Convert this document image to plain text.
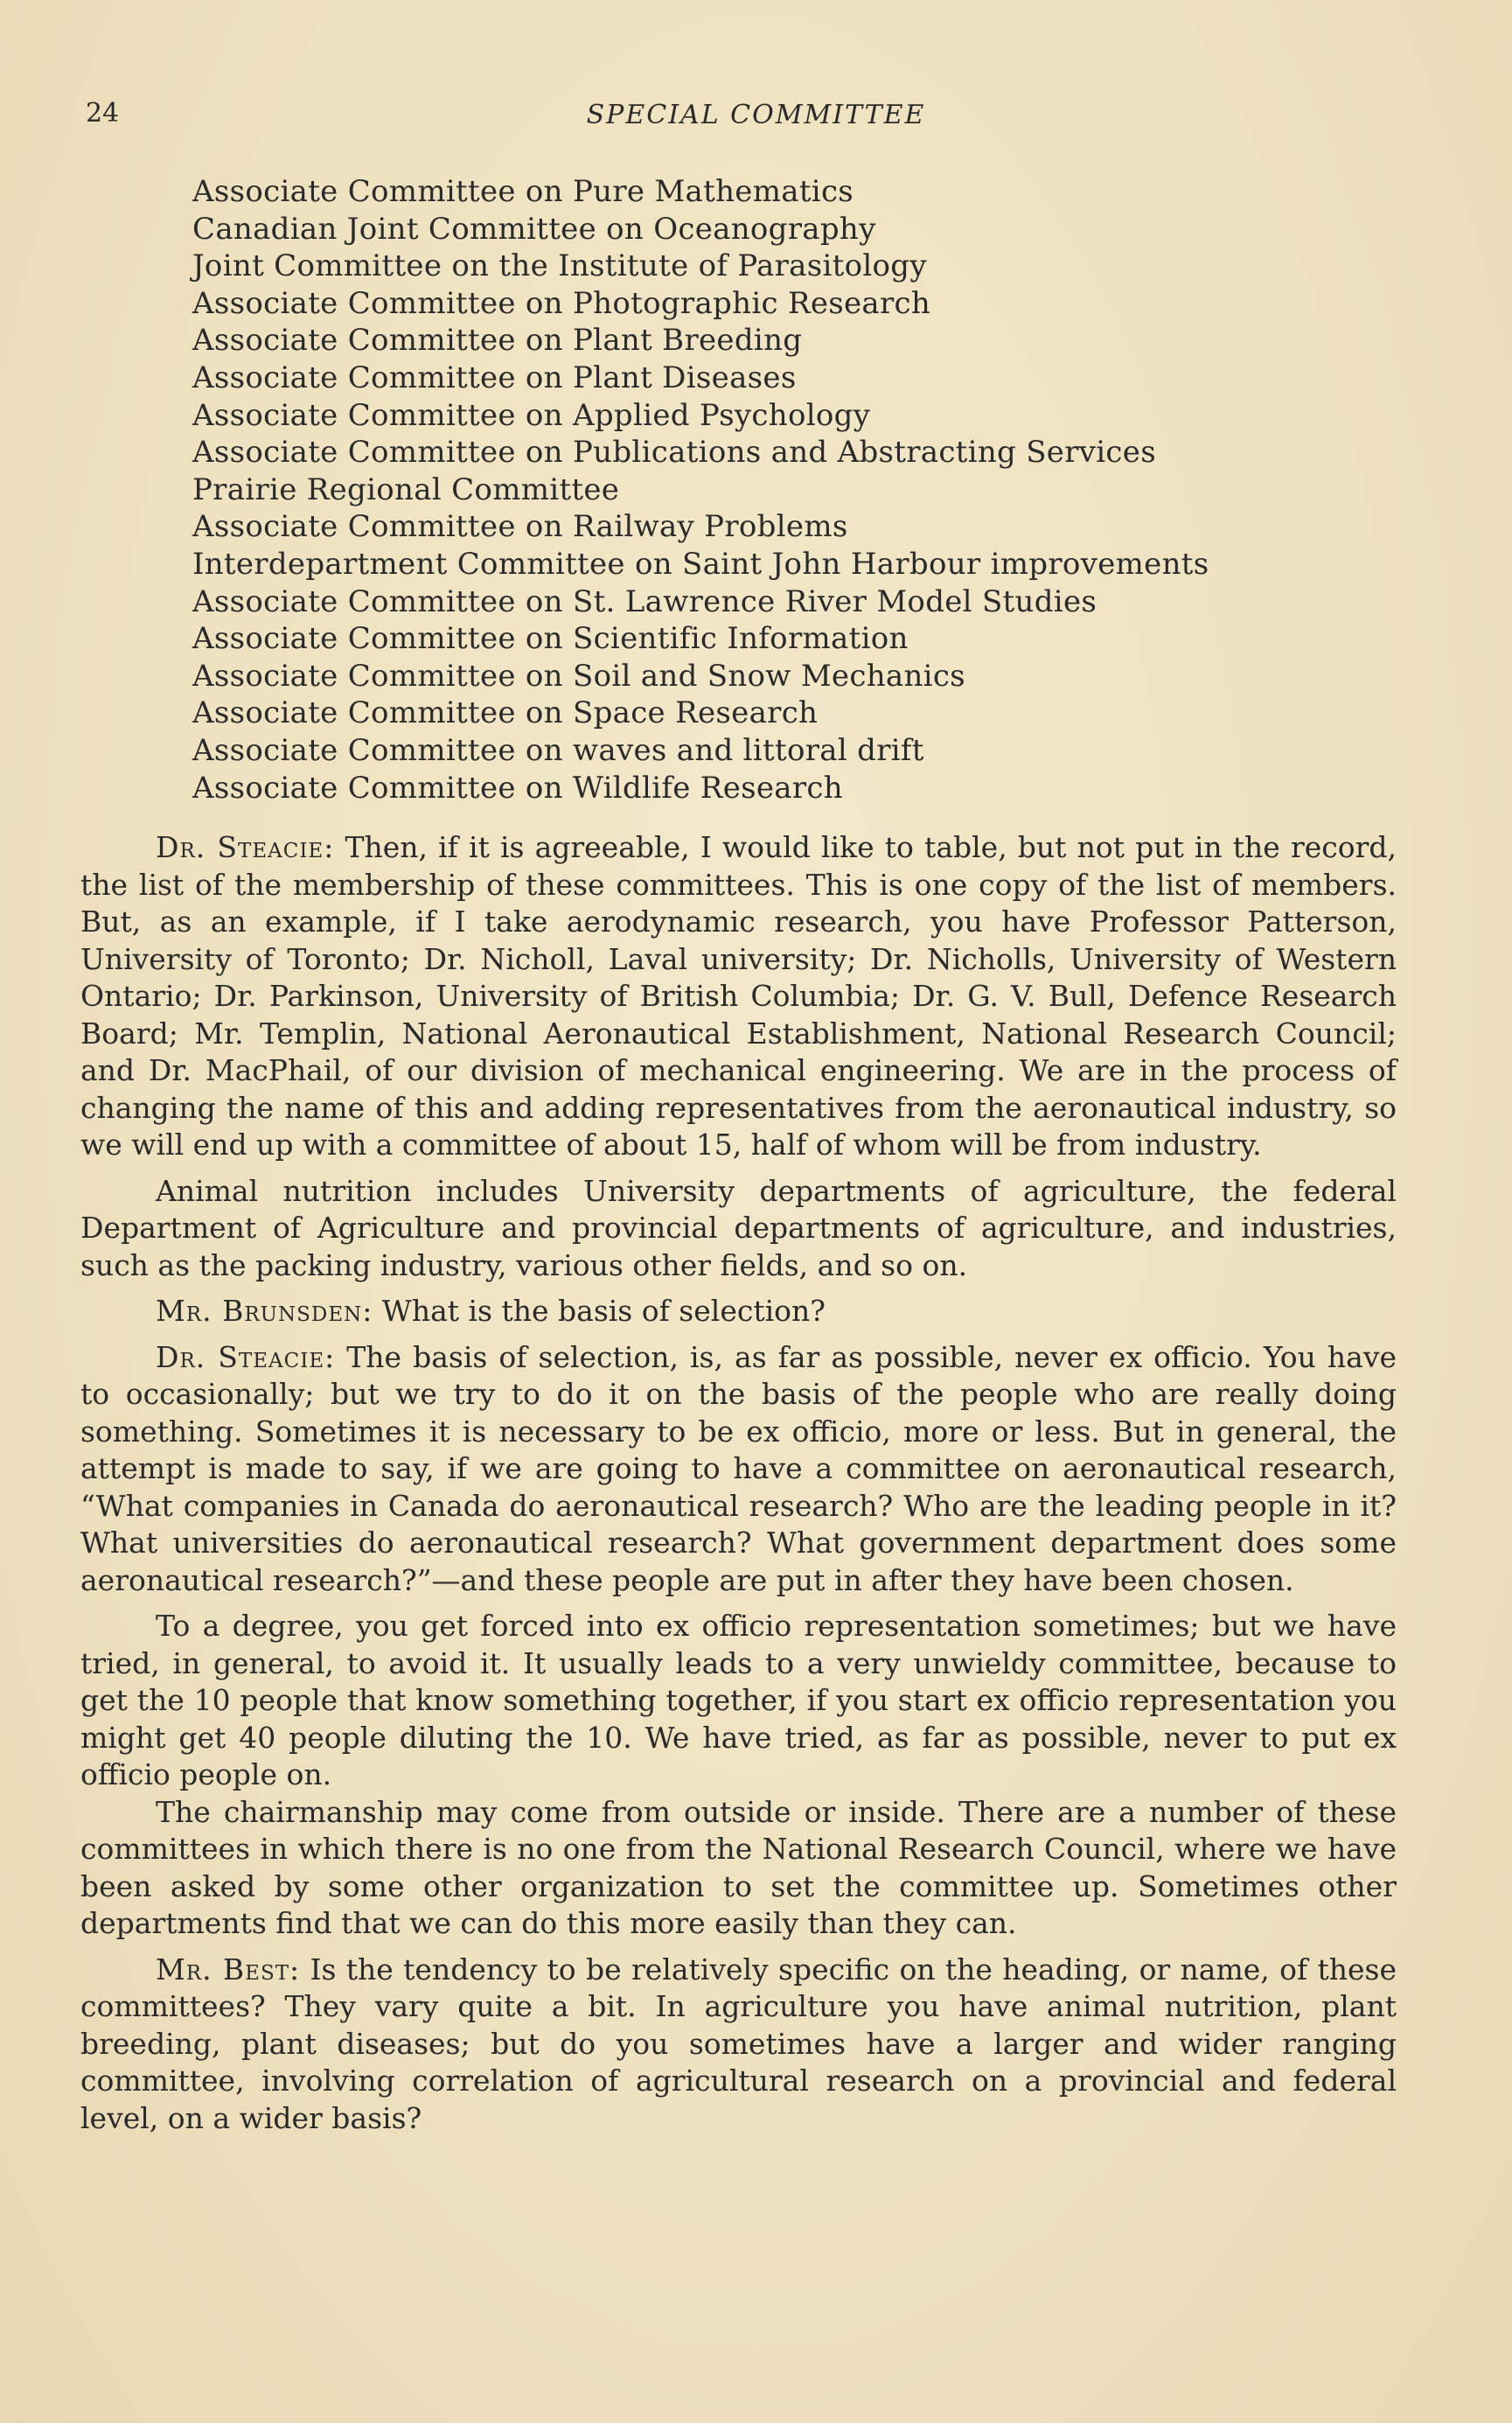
24	SPECIAL COMMITTEE
Associate Committee on Pure Mathematics
Canadian Joint Committee on Oceanography
Joint Committee on the Institute of Parasitology
Associate Committee on Photographic Research
Associate Committee on Plant Breeding
Associate Committee on Plant Diseases
Associate Committee on Applied Psychology
Associate Committee on Publications and Abstracting Services
Prairie Regional Committee
Associate Committee on Railway Problems
Interdepartment Committee on Saint John Harbour improvements
Associate Committee on St. Lawrence River Model Studies
Associate Committee on Scientific Information
Associate Committee on Soil and Snow Mechanics
Associate Committee on Space Research
Associate Committee on waves and littoral drift
Associate Committee on Wildlife Research

Dr. Steacie: Then, if it is agreeable, I would like to table, but not put in the record, the list of the membership of these committees. This is one copy of the list of members. But, as an example, if I take aerodynamic research, you have Professor Patterson, University of Toronto; Dr. Nicholl, Laval university; Dr. Nicholls, University of Western Ontario; Dr. Parkinson, University of British Columbia; Dr. G. V. Bull, Defence Research Board; Mr. Templin, National Aeronautical Establishment, National Research Council; and Dr. MacPhail, of our division of mechanical engineering. We are in the process of changing the name of this and adding representatives from the aeronautical industry, so we will end up with a committee of about 15, half of whom will be from industry.

Animal nutrition includes University departments of agriculture, the federal Department of Agriculture and provincial departments of agriculture, and industries, such as the packing industry, various other fields, and so on.

Mr. Brunsden: What is the basis of selection?

Dr. Steacie: The basis of selection, is, as far as possible, never ex officio. You have to occasionally; but we try to do it on the basis of the people who are really doing something. Sometimes it is necessary to be ex officio, more or less. But in general, the attempt is made to say, if we are going to have a committee on aeronautical research, “What companies in Canada do aeronautical research? Who are the leading people in it? What universities do aeronautical research? What government department does some aeronautical research?”—and these people are put in after they have been chosen.

To a degree, you get forced into ex officio representation sometimes; but we have tried, in general, to avoid it. It usually leads to a very unwieldy committee, because to get the 10 people that know something together, if you start ex officio representation you might get 40 people diluting the 10. We have tried, as far as possible, never to put ex officio people on.

The chairmanship may come from outside or inside. There are a number of these committees in which there is no one from the National Research Council, where we have been asked by some other organization to set the committee up. Sometimes other departments find that we can do this more easily than they can.

Mr. Best: Is the tendency to be relatively specific on the heading, or name, of these committees? They vary quite a bit. In agriculture you have animal nutrition, plant breeding, plant diseases; but do you sometimes have a larger and wider ranging committee, involving correlation of agricultural research on a provincial and federal level, on a wider basis?
